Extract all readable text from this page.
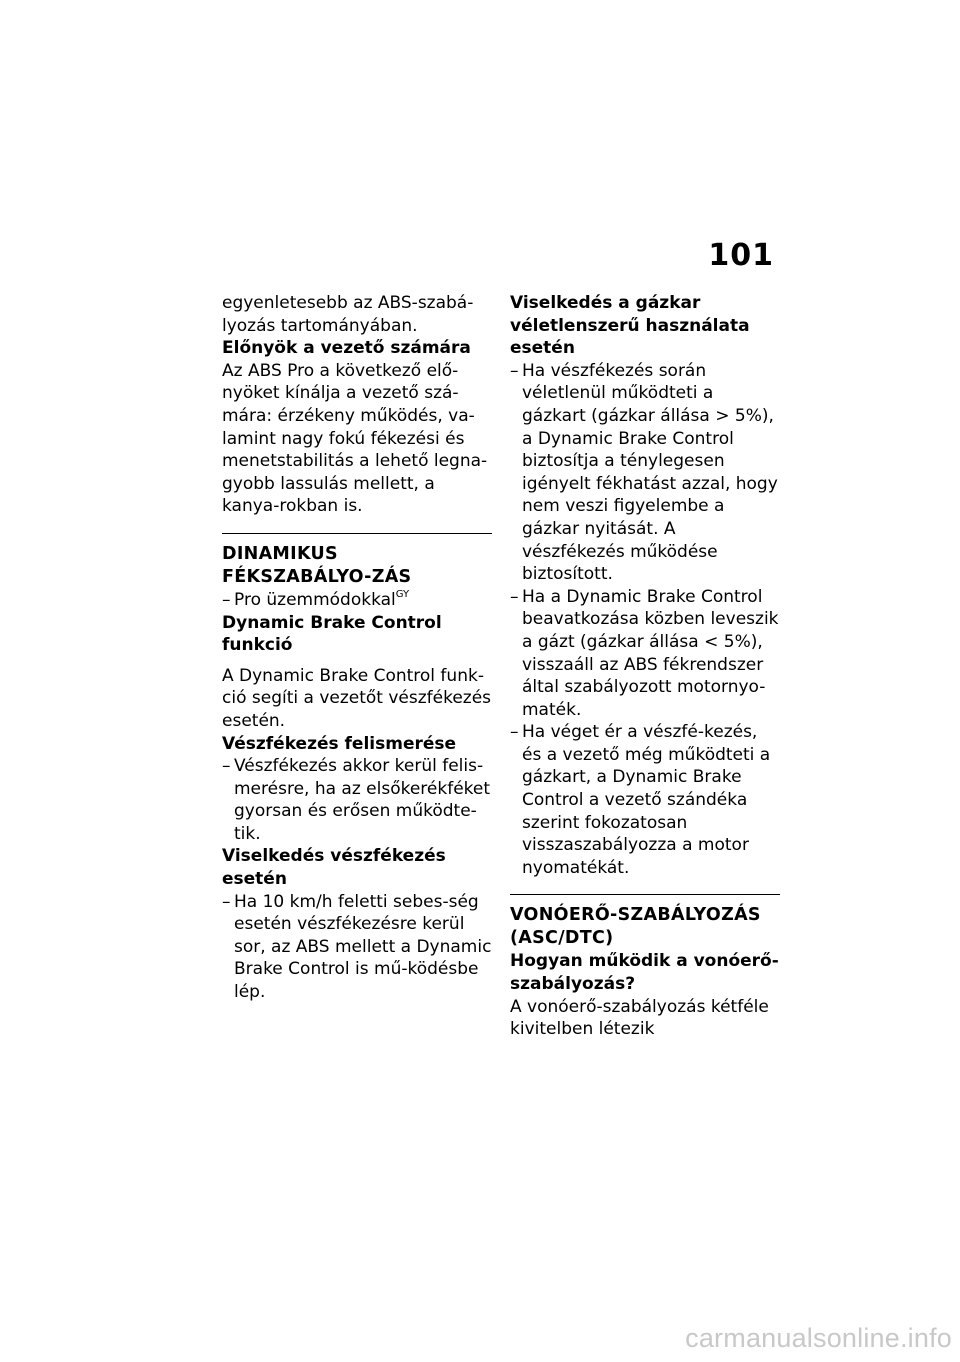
101

egyenletesebb az ABS-szabá-lyozás tartományában.

Előnyök a vezető számára

Az ABS Pro a következő elő-nyöket kínálja a vezető szá-mára: érzékeny működés, va-lamint nagy fokú fékezési és menetstabilitás a lehető legna-gyobb lassulás mellett, a kanya-rokban is.

DINAMIKUS FÉKSZABÁLYO-ZÁS
– Pro üzemmódokkal$^{GY}$

Dynamic Brake Control funkció

A Dynamic Brake Control funk-ció segíti a vezetőt vészfékezés esetén.

Vészfékezés felismerése

– Vészfékezés akkor kerül felis-merésre, ha az elsőkerékféket gyorsan és erősen működte-tik.

Viselkedés vészfékezés esetén

– Ha 10 km/h feletti sebes-ség esetén vészfékezésre kerül sor, az ABS mellett a Dynamic Brake Control is mű-ködésbe lép.

Viselkedés a gázkar véletlenszerű használata esetén

– Ha vészfékezés során véletlenül működteti a gázkart (gázkar állása > 5%), a Dynamic Brake Control biztosítja a ténylegesen igényelt fékhatást azzal, hogy nem veszi figyelembe a gázkar nyitását. A vészfékezés működése biztosított.
– Ha a Dynamic Brake Control beavatkozása közben leveszik a gázt (gázkar állása < 5%), visszaáll az ABS fékrendszer által szabályozott motornyo-maték.
– Ha véget ér a vészfé-kezés, és a vezető még működteti a gázkart, a Dynamic Brake Control a vezető szándéka szerint fokozatosan visszaszabályozza a motor nyomatékát.
VONÓERŐ-SZABÁLYOZÁS (ASC/DTC)

Hogyan működik a vonóerő-szabályozás?

A vonóerő-szabályozás kétféle kivitelben létezik

carmanualsonline.info
